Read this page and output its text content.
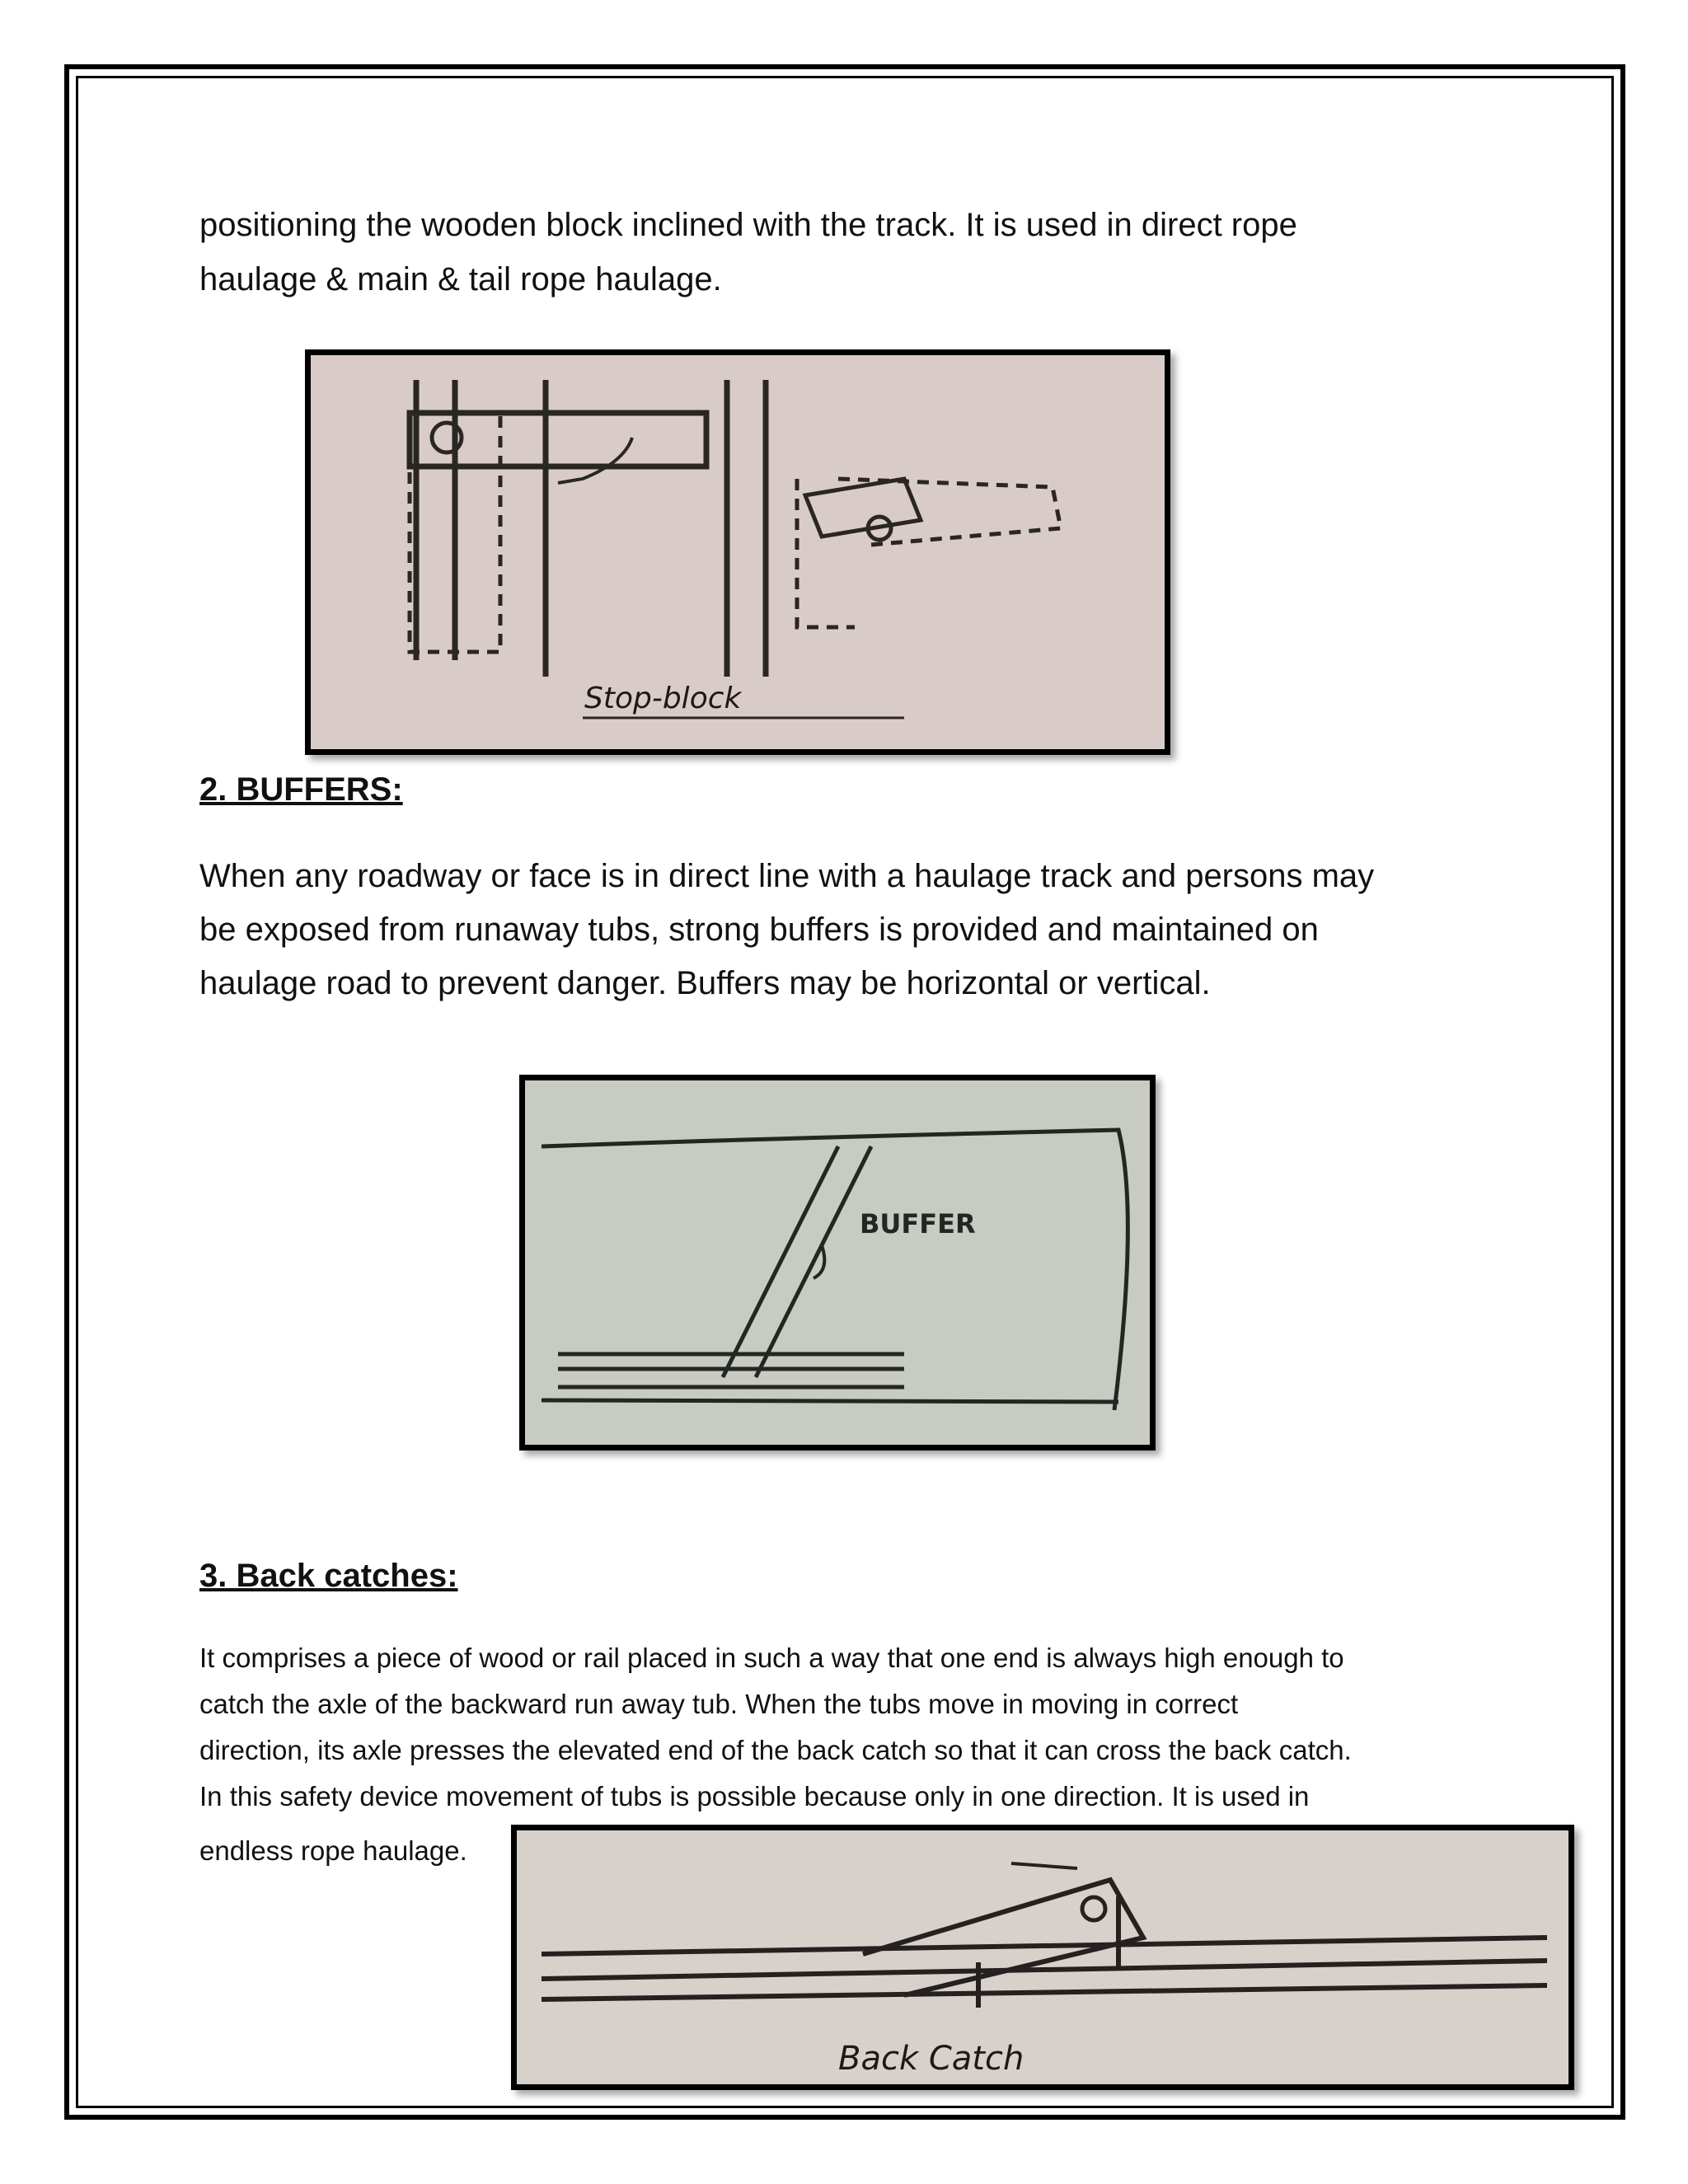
positioning the wooden block inclined with the track. It is used in direct rope

haulage & main & tail rope haulage.

Stop-block

2. BUFFERS:

When any roadway or face is in direct line with a haulage track and persons may

be exposed from runaway tubs, strong buffers is provided and maintained on

haulage road to prevent danger. Buffers may be horizontal or vertical.

BUFFER

3. Back catches:

It comprises a piece of wood or rail placed in such a way that one end is always high enough to

catch the axle of the backward run away tub. When the tubs move in moving in correct

direction, its axle presses the elevated end of the back catch so that it can cross the back catch.

In this safety device movement of tubs is possible because only in one direction. It is used in

endless rope haulage.

Back Catch
